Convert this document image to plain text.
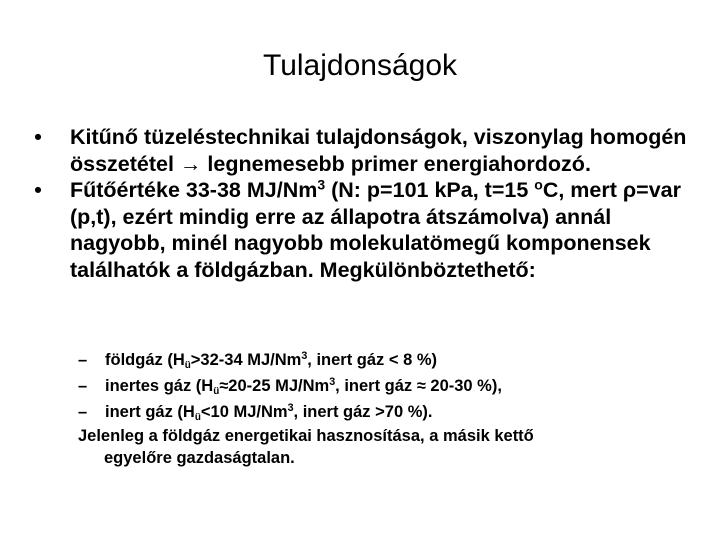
Tulajdonságok
• Kitűnő tüzeléstechnikai tulajdonságok, viszonylag homogén összetétel → legnemesebb primer energiahordozó.
• Fűtőértéke 33-38 MJ/Nm$^3$ (N: p=101 kPa, t=15 $^o$C, mert ρ=var (p,t), ezért mindig erre az állapotra átszámolva) annál nagyobb, minél nagyobb molekulatömegű komponensek találhatók a földgázban. Megkülönböztethető:
– földgáz ($H_ü>32-34$ MJ/Nm$^3$, inert gáz < 8 %)
– inertes gáz ($H_ü\approx 20-25$ MJ/Nm$^3$, inert gáz ≈ 20-30 %),
– inert gáz ($H_ü<10$ MJ/Nm$^3$, inert gáz >70 %).
Jelenleg a földgáz energetikai hasznosítása, a másik kettő
egyelőre gazdaságtalan.
